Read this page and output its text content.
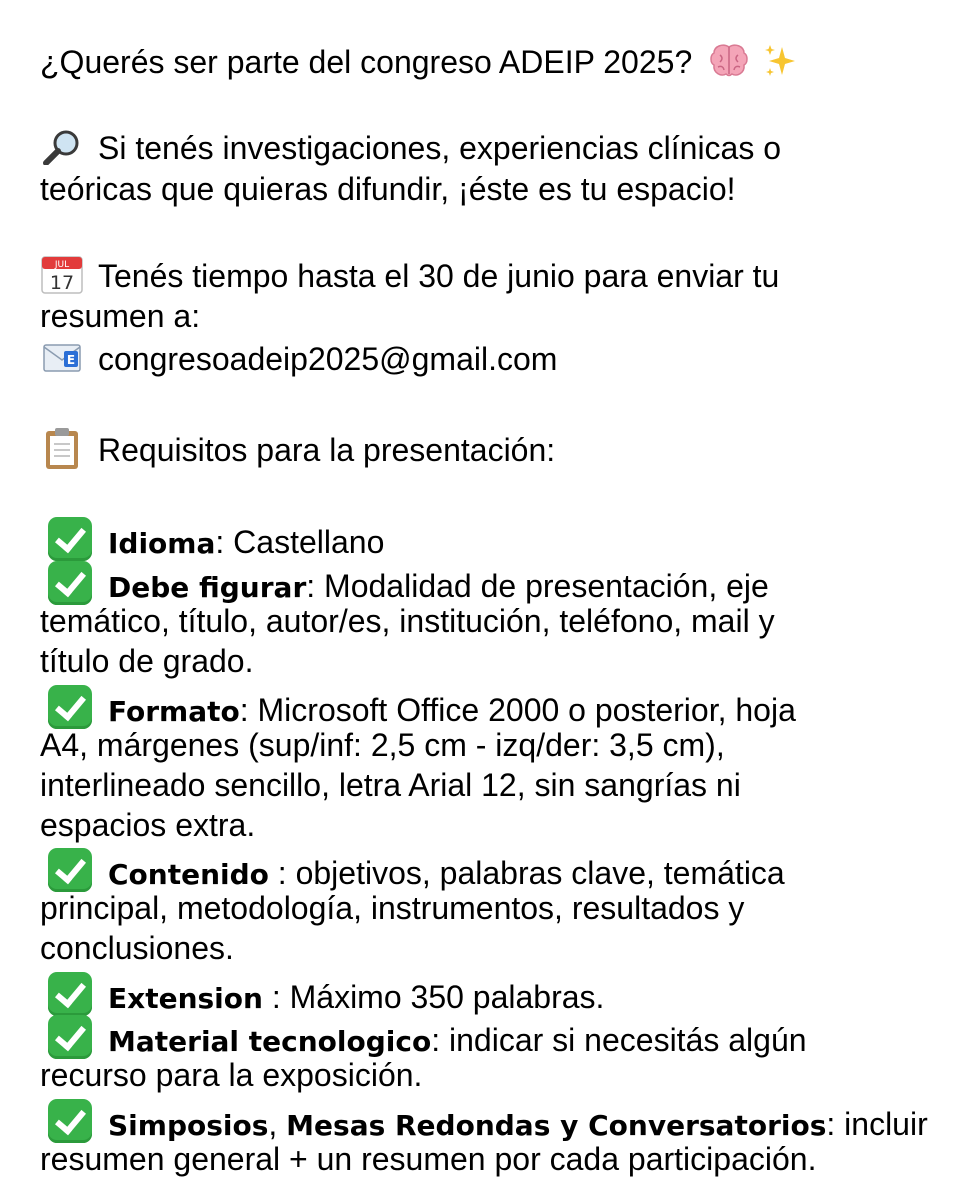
¿Querés ser parte del congreso ADEIP 2025?
Si tenés investigaciones, experiencias clínicas o
teóricas que quieras difundir, ¡éste es tu espacio!
JUL
17 Tenés tiempo hasta el 30 de junio para enviar tu
resumen a:
E congresoadeip2025@gmail.com
Requisitos para la presentación:
Idioma: Castellano
Debe figurar: Modalidad de presentación, eje
temático, título, autor/es, institución, teléfono, mail y
título de grado.
Formato: Microsoft Office 2000 o posterior, hoja
A4, márgenes (sup/inf: 2,5 cm - izq/der: 3,5 cm),
interlineado sencillo, letra Arial 12, sin sangrías ni
espacios extra.
Contenido : objetivos, palabras clave, temática
principal, metodología, instrumentos, resultados y
conclusiones.
Extension : Máximo 350 palabras.
Material tecnologico: indicar si necesitás algún
recurso para la exposición.
Simposios, Mesas Redondas y Conversatorios: incluir
resumen general + un resumen por cada participación.
